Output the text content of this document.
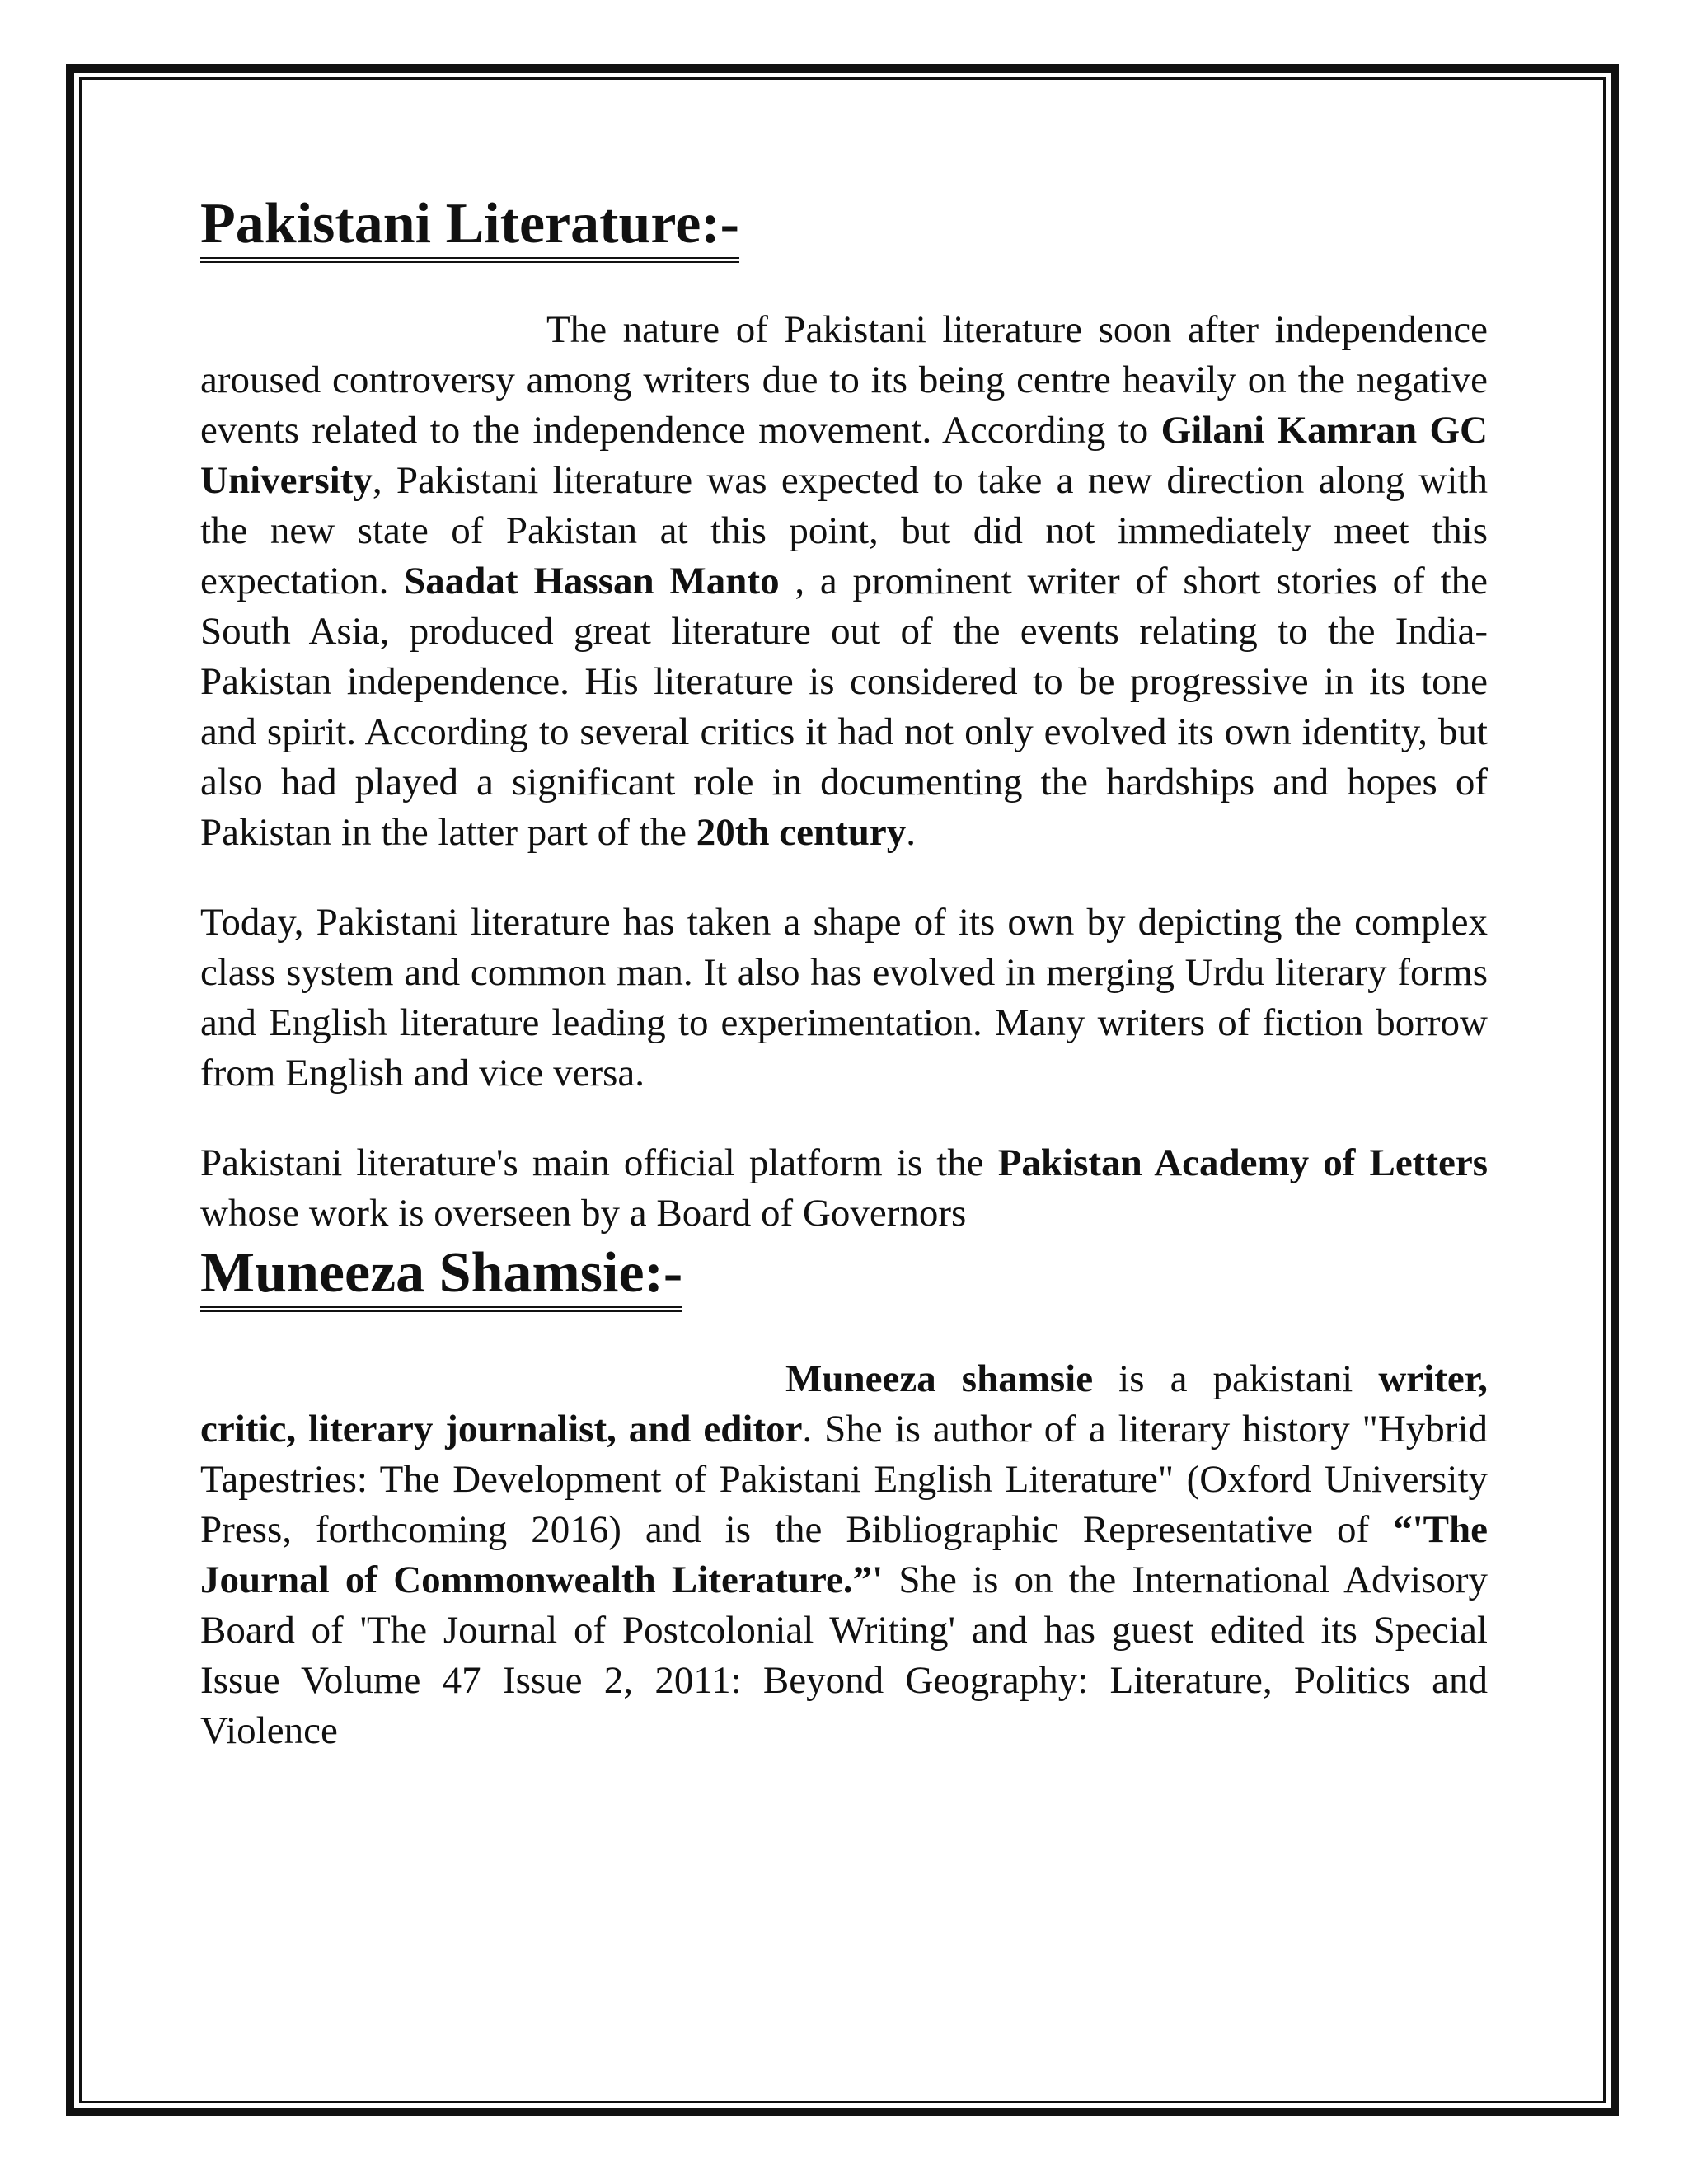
Pakistani Literature:-

The nature of Pakistani literature soon after independence aroused controversy among writers due to its being centre heavily on the negative events related to the independence movement. According to Gilani Kamran GC University, Pakistani literature was expected to take a new direction along with the new state of Pakistan at this point, but did not immediately meet this expectation. Saadat Hassan Manto , a prominent writer of short stories of the South Asia, produced great literature out of the events relating to the India-Pakistan independence. His literature is considered to be progressive in its tone and spirit. According to several critics it had not only evolved its own identity, but also had played a significant role in documenting the hardships and hopes of Pakistan in the latter part of the 20th century.

Today, Pakistani literature has taken a shape of its own by depicting the complex class system and common man. It also has evolved in merging Urdu literary forms and English literature leading to experimentation. Many writers of fiction borrow from English and vice versa.

Pakistani literature's main official platform is the Pakistan Academy of Letters whose work is overseen by a Board of Governors

Muneeza Shamsie:-

Muneeza shamsie is a pakistani writer, critic, literary journalist, and editor. She is author of a literary history "Hybrid Tapestries: The Development of Pakistani English Literature" (Oxford University Press, forthcoming 2016) and is the Bibliographic Representative of “'The Journal of Commonwealth Literature.”' She is on the International Advisory Board of 'The Journal of Postcolonial Writing' and has guest edited its Special Issue Volume 47 Issue 2, 2011: Beyond Geography: Literature, Politics and Violence
